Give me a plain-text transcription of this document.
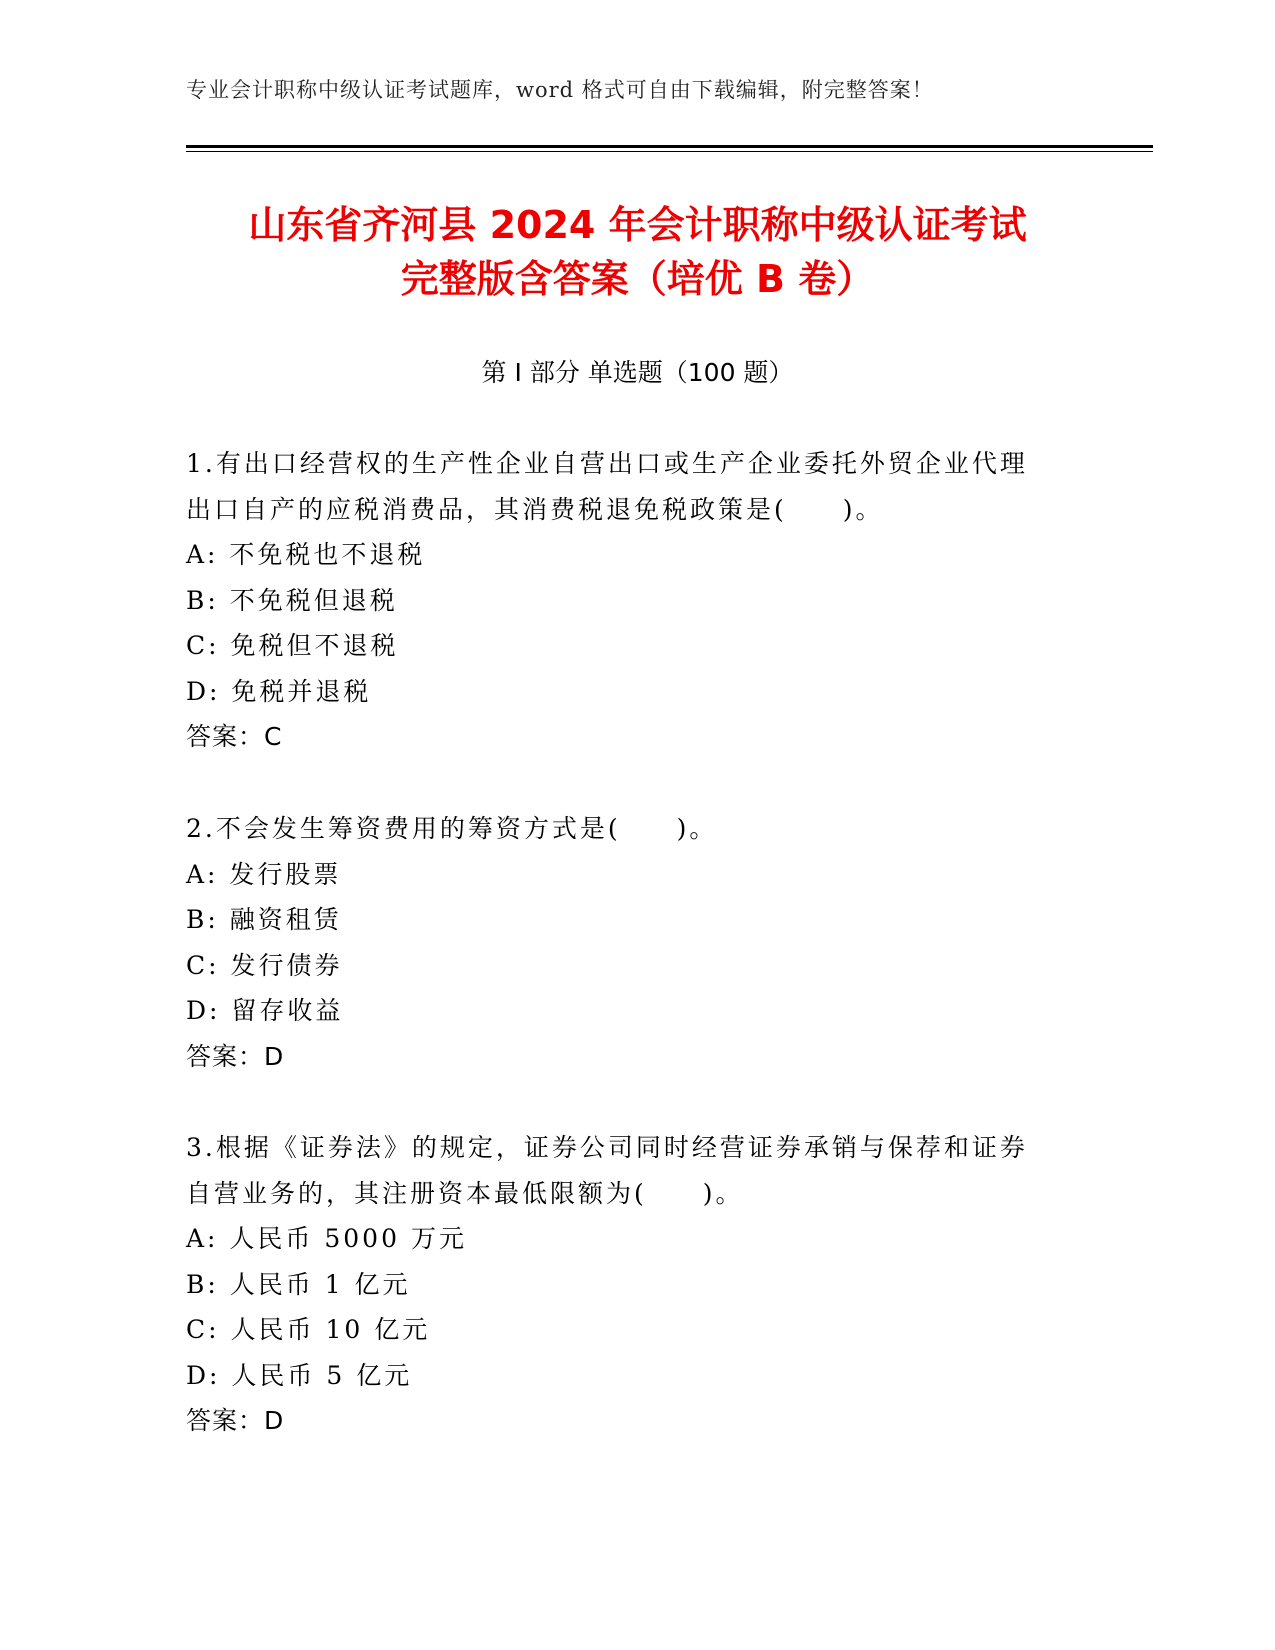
专业会计职称中级认证考试题库，word 格式可自由下载编辑，附完整答案！
山东省齐河县 2024 年会计职称中级认证考试
完整版含答案（培优 B 卷）
第 I 部分 单选题（100 题）
1.有出口经营权的生产性企业自营出口或生产企业委托外贸企业代理
出口自产的应税消费品，其消费税退免税政策是(　　)。
A: 不免税也不退税
B: 不免税但退税
C: 免税但不退税
D: 免税并退税
答案：C
2.不会发生筹资费用的筹资方式是(　　)。
A: 发行股票
B: 融资租赁
C: 发行债券
D: 留存收益
答案：D
3.根据《证券法》的规定，证券公司同时经营证券承销与保荐和证券
自营业务的，其注册资本最低限额为(　　)。
A: 人民币 5000 万元
B: 人民币 1 亿元
C: 人民币 10 亿元
D: 人民币 5 亿元
答案：D
